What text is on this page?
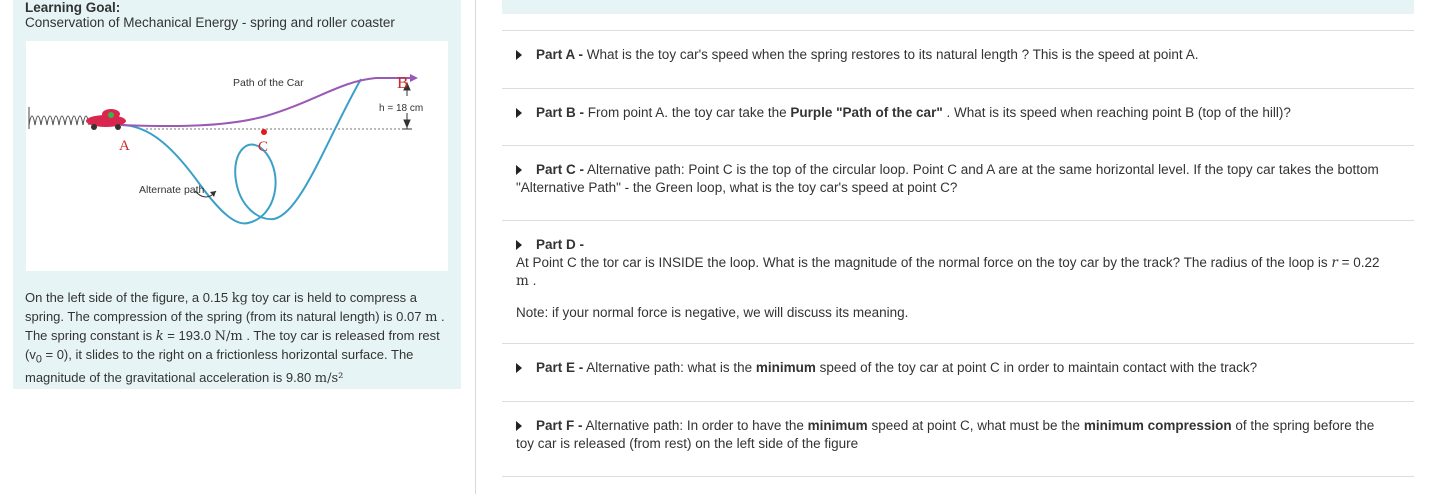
Learning Goal:
Conservation of Mechanical Energy - spring and roller coaster
Path of the Car
h = 18 cm
A
B
C
Alternate path
On the left side of the figure, a 0.15 kg toy car is held to compress a spring. The compression of the spring (from its natural length) is 0.07 m . The spring constant is k = 193.0 N/m . The toy car is released from rest $(v_0 = 0)$, it slides to the right on a frictionless horizontal surface. The magnitude of the gravitational acceleration is 9.80 m/s²
Part A - What is the toy car's speed when the spring restores to its natural length ? This is the speed at point A.
Part B - From point A. the toy car take the Purple "Path of the car" . What is its speed when reaching point B (top of the hill)?
Part C - Alternative path: Point C is the top of the circular loop. Point C and A are at the same horizontal level. If the topy car takes the bottom "Alternative Path" - the Green loop, what is the toy car's speed at point C?
Part D -
At Point C the tor car is INSIDE the loop. What is the magnitude of the normal force on the toy car by the track? The radius of the loop is r = 0.22 m .
Note: if your normal force is negative, we will discuss its meaning.
Part E - Alternative path: what is the minimum speed of the toy car at point C in order to maintain contact with the track?
Part F - Alternative path: In order to have the minimum speed at point C, what must be the minimum compression of the spring before the toy car is released (from rest) on the left side of the figure
